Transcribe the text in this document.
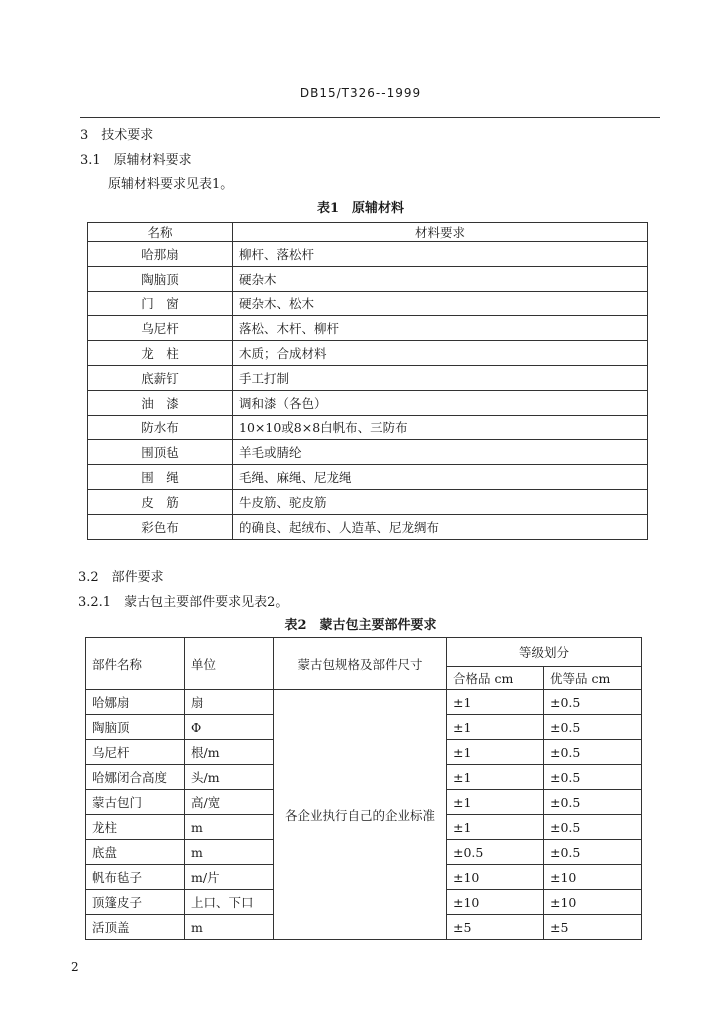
DB15/T326--1999
3　技术要求
3.1　原辅材料要求
原辅材料要求见表1。
表1　原辅材料
名称	材料要求
哈那扇	柳杆、落松杆
陶脑顶	硬杂木
门　窗	硬杂木、松木
乌尼杆	落松、木杆、柳杆
龙　柱	木质；合成材料
底薪钉	手工打制
油　漆	调和漆（各色）
防水布	10×10或8×8白帆布、三防布
围顶毡	羊毛或腈纶
围　绳	毛绳、麻绳、尼龙绳
皮　筋	牛皮筋、驼皮筋
彩色布	的确良、起绒布、人造革、尼龙绸布
3.2　部件要求
3.2.1　蒙古包主要部件要求见表2。
表2　蒙古包主要部件要求
部件名称	单位	蒙古包规格及部件尺寸	等级划分	
			合格品 cm	优等品 cm
哈娜扇	扇	各企业执行自己的企业标准	±1	±0.5
陶脑顶	Φ		±1	±0.5
乌尼杆	根/m		±1	±0.5
哈娜闭合高度	头/m		±1	±0.5
蒙古包门	高/宽		±1	±0.5
龙柱	m		±1	±0.5
底盘	m		±0.5	±0.5
帆布毡子	m/片		±10	±10
顶篷皮子	上口、下口		±10	±10
活顶盖	m		±5	±5
2
